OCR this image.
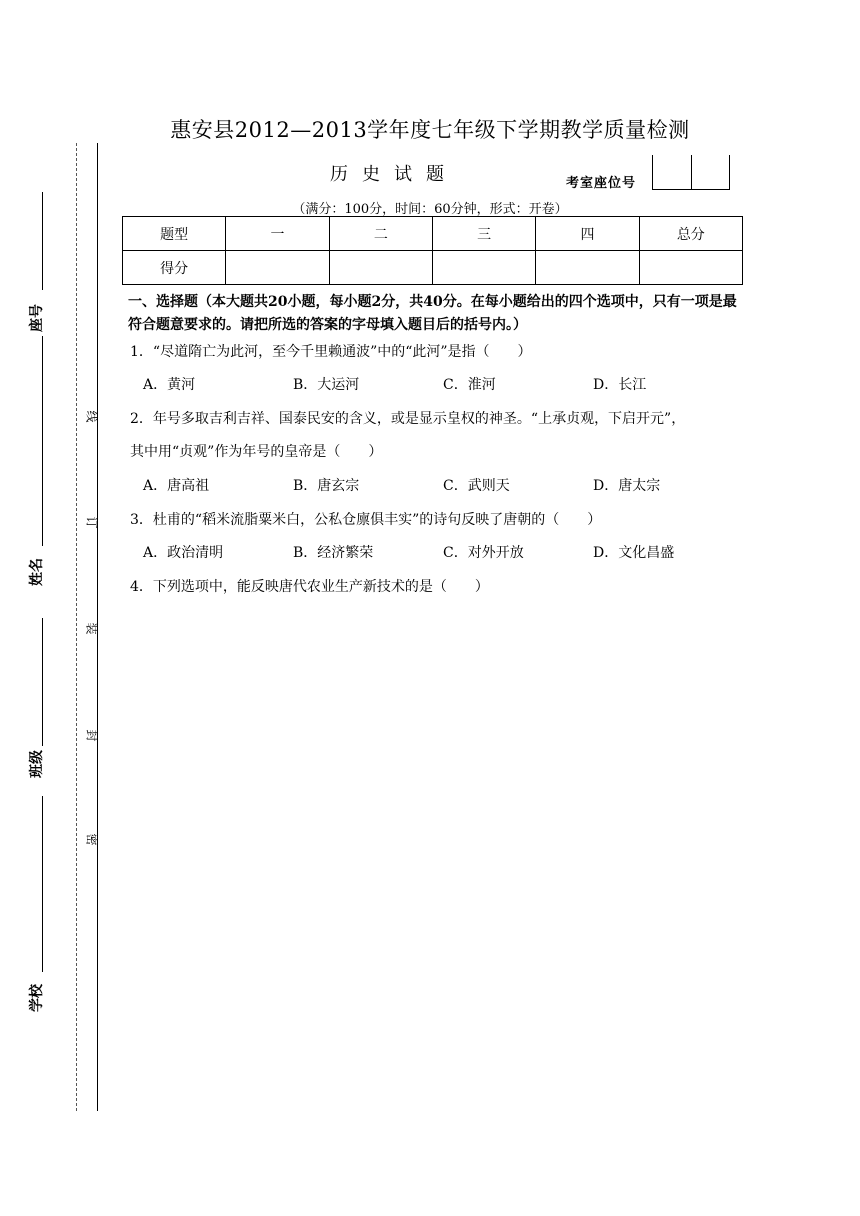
线
订
装
封
密
座号
姓名
班级
学校
惠安县2012—2013学年度七年级下学期教学质量检测
历史试题	考室座位号
（满分：100分，时间：60分钟，形式：开卷）
题型	一	二	三	四	总分
得分					
一、选择题（本大题共20小题，每小题2分，共40分。在每小题给出的四个选项中，只有一项是最符合题意要求的。请把所选的答案的字母填入题目后的括号内。）
1．“尽道隋亡为此河，至今千里赖通波”中的“此河”是指（　　）
A．黄河	B．大运河	C．淮河	D．长江
2．年号多取吉利吉祥、国泰民安的含义，或是显示皇权的神圣。“上承贞观，下启开元”，
其中用“贞观”作为年号的皇帝是（　　）
A．唐高祖	B．唐玄宗	C．武则天	D．唐太宗
3．杜甫的“稻米流脂粟米白，公私仓廪俱丰实”的诗句反映了唐朝的（　　）
A．政治清明	B．经济繁荣	C．对外开放	D．文化昌盛
4．下列选项中，能反映唐代农业生产新技术的是（　　）
